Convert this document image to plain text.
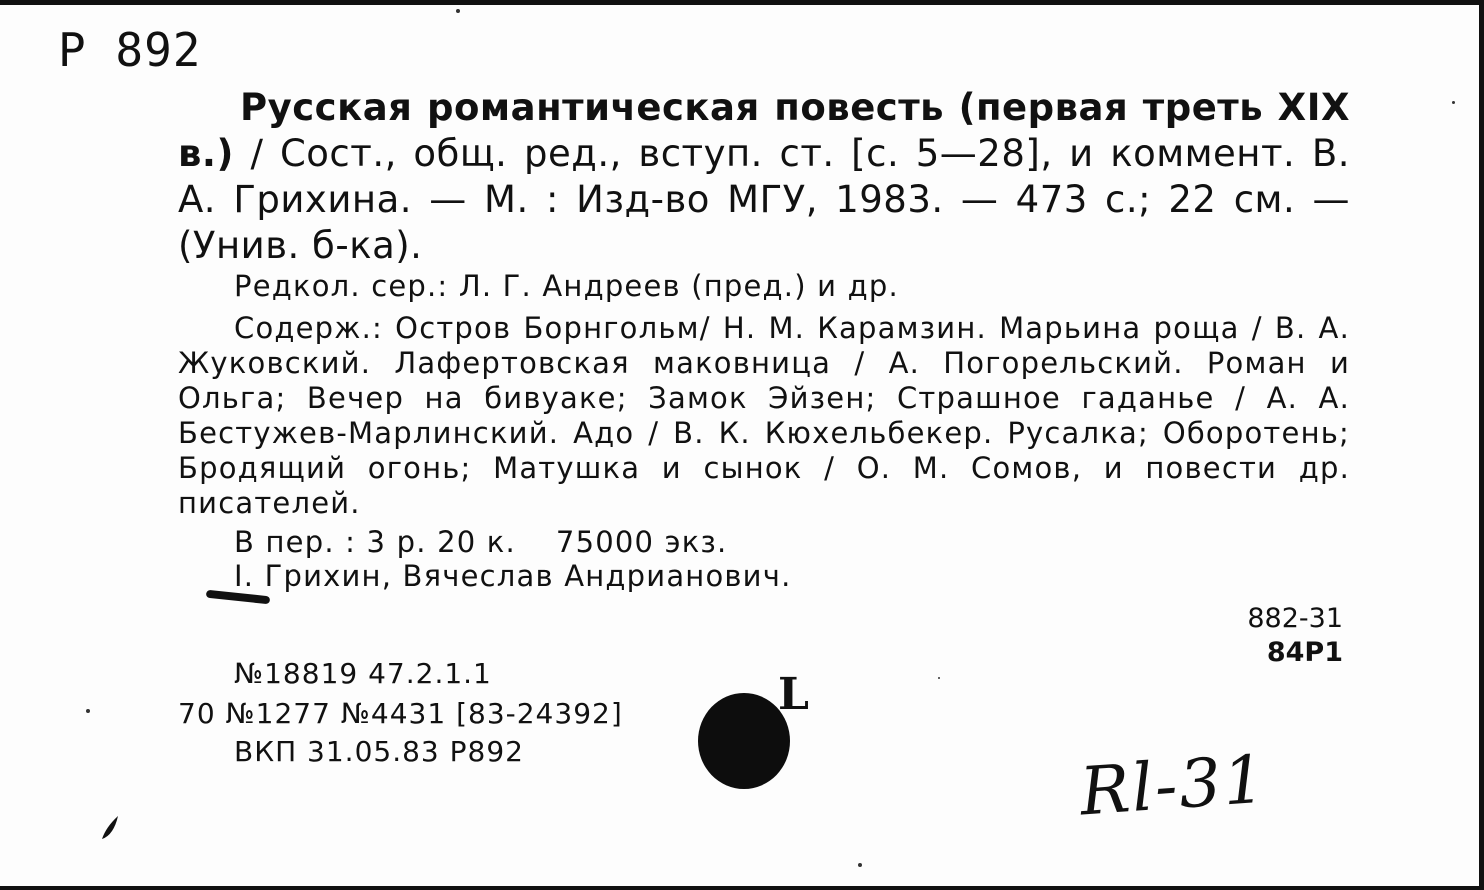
Р 892
Русская романтическая повесть (первая треть XIX в.) / Сост., общ. ред., вступ. ст. [с. 5—28], и коммент. В. А. Грихина. — М. : Изд-во МГУ, 1983. — 473 с.; 22 см. — (Унив. б-ка).
Редкол. сер.: Л. Г. Андреев (пред.) и др.
Содерж.: Остров Борнгольм/ Н. М. Карамзин. Марьина роща / В. А. Жуковский. Лафертовская маковница / А. Погорельский. Роман и Ольга; Вечер на бивуаке; Замок Эйзен; Страшное гаданье / А. А. Бестужев-Марлинский. Адо / В. К. Кюхельбекер. Русалка; Оборотень; Бродящий огонь; Матушка и сынок / О. М. Сомов, и повести др. писателей.
В пер. : 3 р. 20 к. 75000 экз.
I. Грихин, Вячеслав Андрианович.
882-31
84Р1
№18819 47.2.1.1
70 №1277 №4431 [83-24392]
ВКП 31.05.83 Р892
L
Rl-31
